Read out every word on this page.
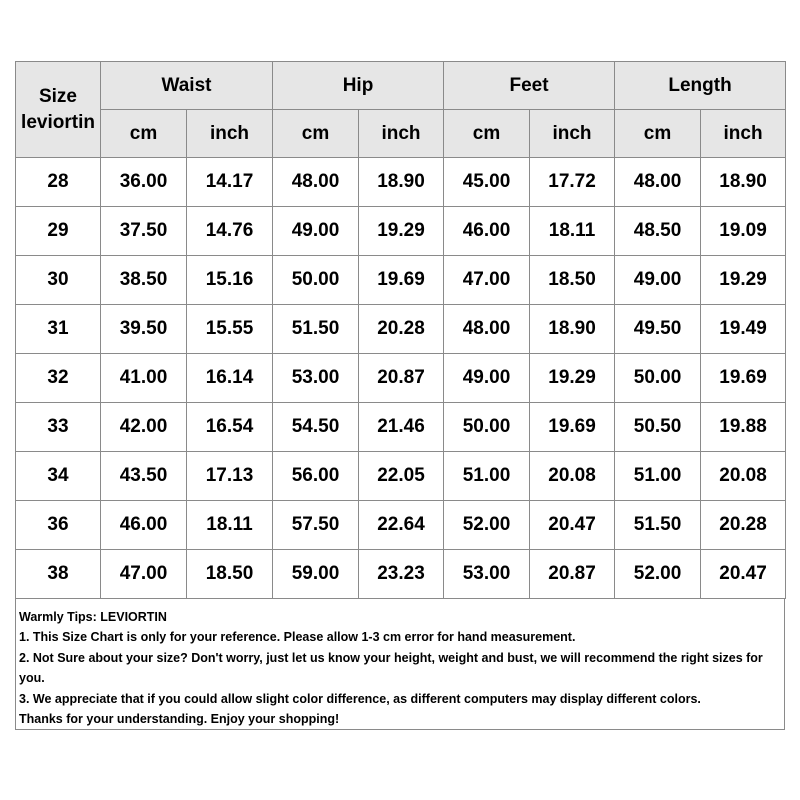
Size
leviortin	Waist		Hip		Feet		Length	
	cm	inch	cm	inch	cm	inch	cm	inch
28	36.00	14.17	48.00	18.90	45.00	17.72	48.00	18.90
29	37.50	14.76	49.00	19.29	46.00	18.11	48.50	19.09
30	38.50	15.16	50.00	19.69	47.00	18.50	49.00	19.29
31	39.50	15.55	51.50	20.28	48.00	18.90	49.50	19.49
32	41.00	16.14	53.00	20.87	49.00	19.29	50.00	19.69
33	42.00	16.54	54.50	21.46	50.00	19.69	50.50	19.88
34	43.50	17.13	56.00	22.05	51.00	20.08	51.00	20.08
36	46.00	18.11	57.50	22.64	52.00	20.47	51.50	20.28
38	47.00	18.50	59.00	23.23	53.00	20.87	52.00	20.47

Warmly Tips: LEVIORTIN

1. This Size Chart is only for your reference. Please allow 1-3 cm error for hand measurement.

2. Not Sure about your size? Don't worry, just let us know your height, weight and bust, we will recommend the right sizes for you.

3. We appreciate that if you could allow slight color difference, as different computers may display different colors.

Thanks for your understanding. Enjoy your shopping!
